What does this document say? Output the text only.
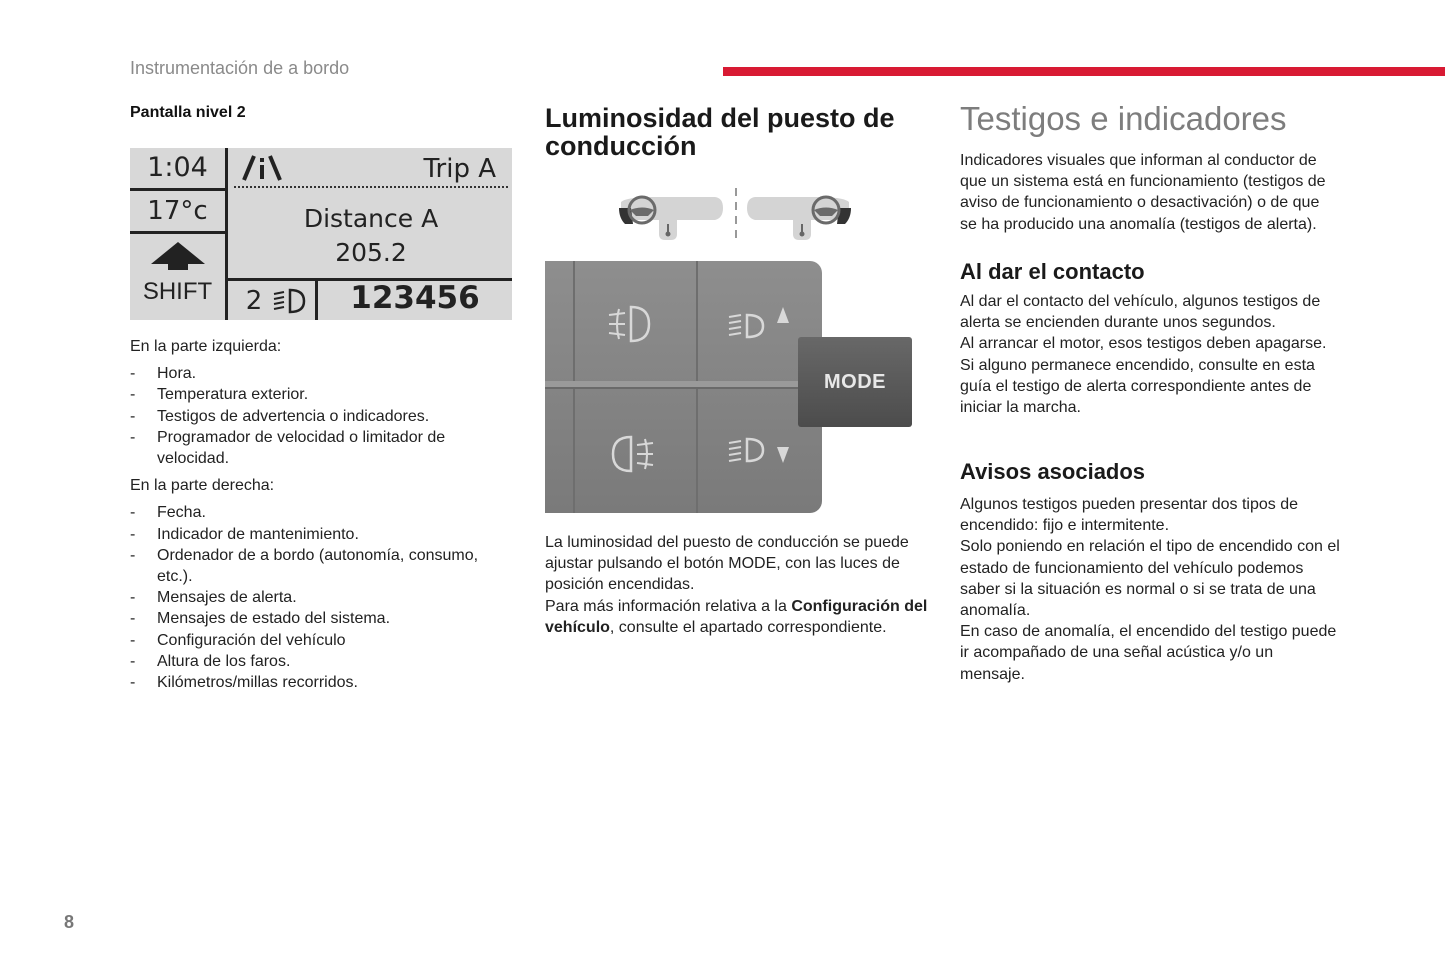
Instrumentación de a bordo
Pantalla nivel 2
1:04
17°c
SHIFT
Trip A
Distance A
205.2
2	123456

En la parte izquierda:

- Hora.
- Temperatura exterior.
- Testigos de advertencia o indicadores.
- Programador de velocidad o limitador de velocidad.

En la parte derecha:

- Fecha.
- Indicador de mantenimiento.
- Ordenador de a bordo (autonomía, consumo, etc.).
- Mensajes de alerta.
- Mensajes de estado del sistema.
- Configuración del vehículo
- Altura de los faros.
- Kilómetros/millas recorridos.
Luminosidad del puesto de conducción
MODE

La luminosidad del puesto de conducción se puede ajustar pulsando el botón MODE, con las luces de posición encendidas.

Para más información relativa a la Configuración del vehículo, consulte el apartado correspondiente.

Testigos e indicadores
Indicadores visuales que informan al conductor de que un sistema está en funcionamiento (testigos de aviso de funcionamiento o desactivación) o de que se ha producido una anomalía (testigos de alerta).
Al dar el contacto

Al dar el contacto del vehículo, algunos testigos de alerta se encienden durante unos segundos.

Al arrancar el motor, esos testigos deben apagarse.

Si alguno permanece encendido, consulte en esta guía el testigo de alerta correspondiente antes de iniciar la marcha.

Avisos asociados

Algunos testigos pueden presentar dos tipos de encendido: fijo e intermitente.

Solo poniendo en relación el tipo de encendido con el estado de funcionamiento del vehículo podemos saber si la situación es normal o si se trata de una anomalía.

En caso de anomalía, el encendido del testigo puede ir acompañado de una señal acústica y/o un mensaje.

8
